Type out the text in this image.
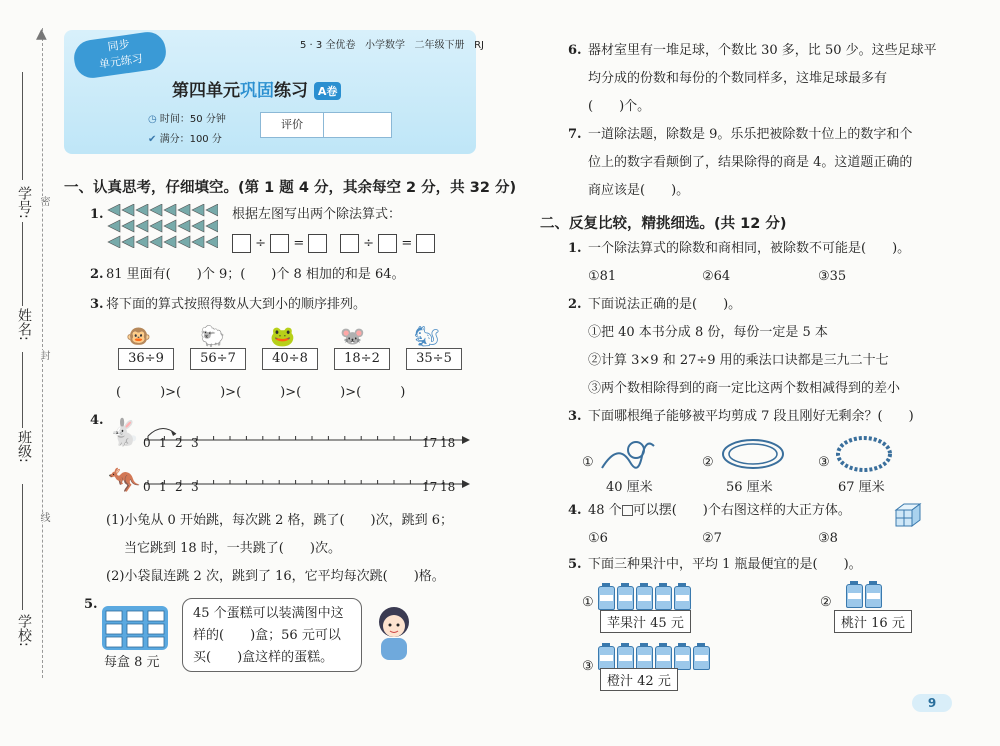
▲
学号:
姓名:
班级:
学校:
密
封
线
同步
单元练习
5 · 3 全优卷 小学数学 二年级下册 RJ
第四单元巩固练习 A卷
◷ 时间：50 分钟
✔ 满分：100 分
评价
一、认真思考，仔细填空。(第 1 题 4 分，其余每空 2 分，共 32 分)
1.	根据左图写出两个除法算式：
÷ =	÷ =
2. 81 里面有(　　)个 9；(　　)个 8 相加的和是 64。
3. 将下面的算式按照得数从大到小的顺序排列。
🐵 🐑 🐸 🐭 🐿
36÷9	56÷7	40÷8	18÷2	35÷5
(　　　)>(　　　)>(　　　)>(　　　)>(　　　)
4. 🐇
🦘
0 1 2 3	17 18
0 1 2 3	17 18
(1)小兔从 0 开始跳，每次跳 2 格，跳了(　　)次，跳到 6；
当它跳到 18 时，一共跳了(　　)次。
(2)小袋鼠连跳 2 次，跳到了 16，它平均每次跳(　　)格。
5.
每盒 8 元
45 个蛋糕可以装满图中这
样的(　　)盒；56 元可以
买(　　)盒这样的蛋糕。
6. 器材室里有一堆足球，个数比 30 多，比 50 少。这些足球平
均分成的份数和每份的个数同样多，这堆足球最多有
(　　)个。
7. 一道除法题，除数是 9。乐乐把被除数十位上的数字和个
位上的数字看颠倒了，结果除得的商是 4。这道题正确的
商应该是(　　)。
二、反复比较，精挑细选。(共 12 分)
1. 一个除法算式的除数和商相同，被除数不可能是(　　)。
①81	②64	③35
2. 下面说法正确的是(　　)。
①把 40 本书分成 8 份，每份一定是 5 本
②计算 3×9 和 27÷9 用的乘法口诀都是三九二十七
③两个数相除得到的商一定比这两个数相减得到的差小
3. 下面哪根绳子能够被平均剪成 7 段且刚好无剩余？(　　)
①
40 厘米
②
56 厘米
③
67 厘米
4. 48 个 可以摆(　　)个右图这样的大正方体。
①6	②7	③8
5. 下面三种果汁中，平均 1 瓶最便宜的是(　　)。
①
苹果汁 45 元
②
桃汁 16 元
③
橙汁 42 元
9
